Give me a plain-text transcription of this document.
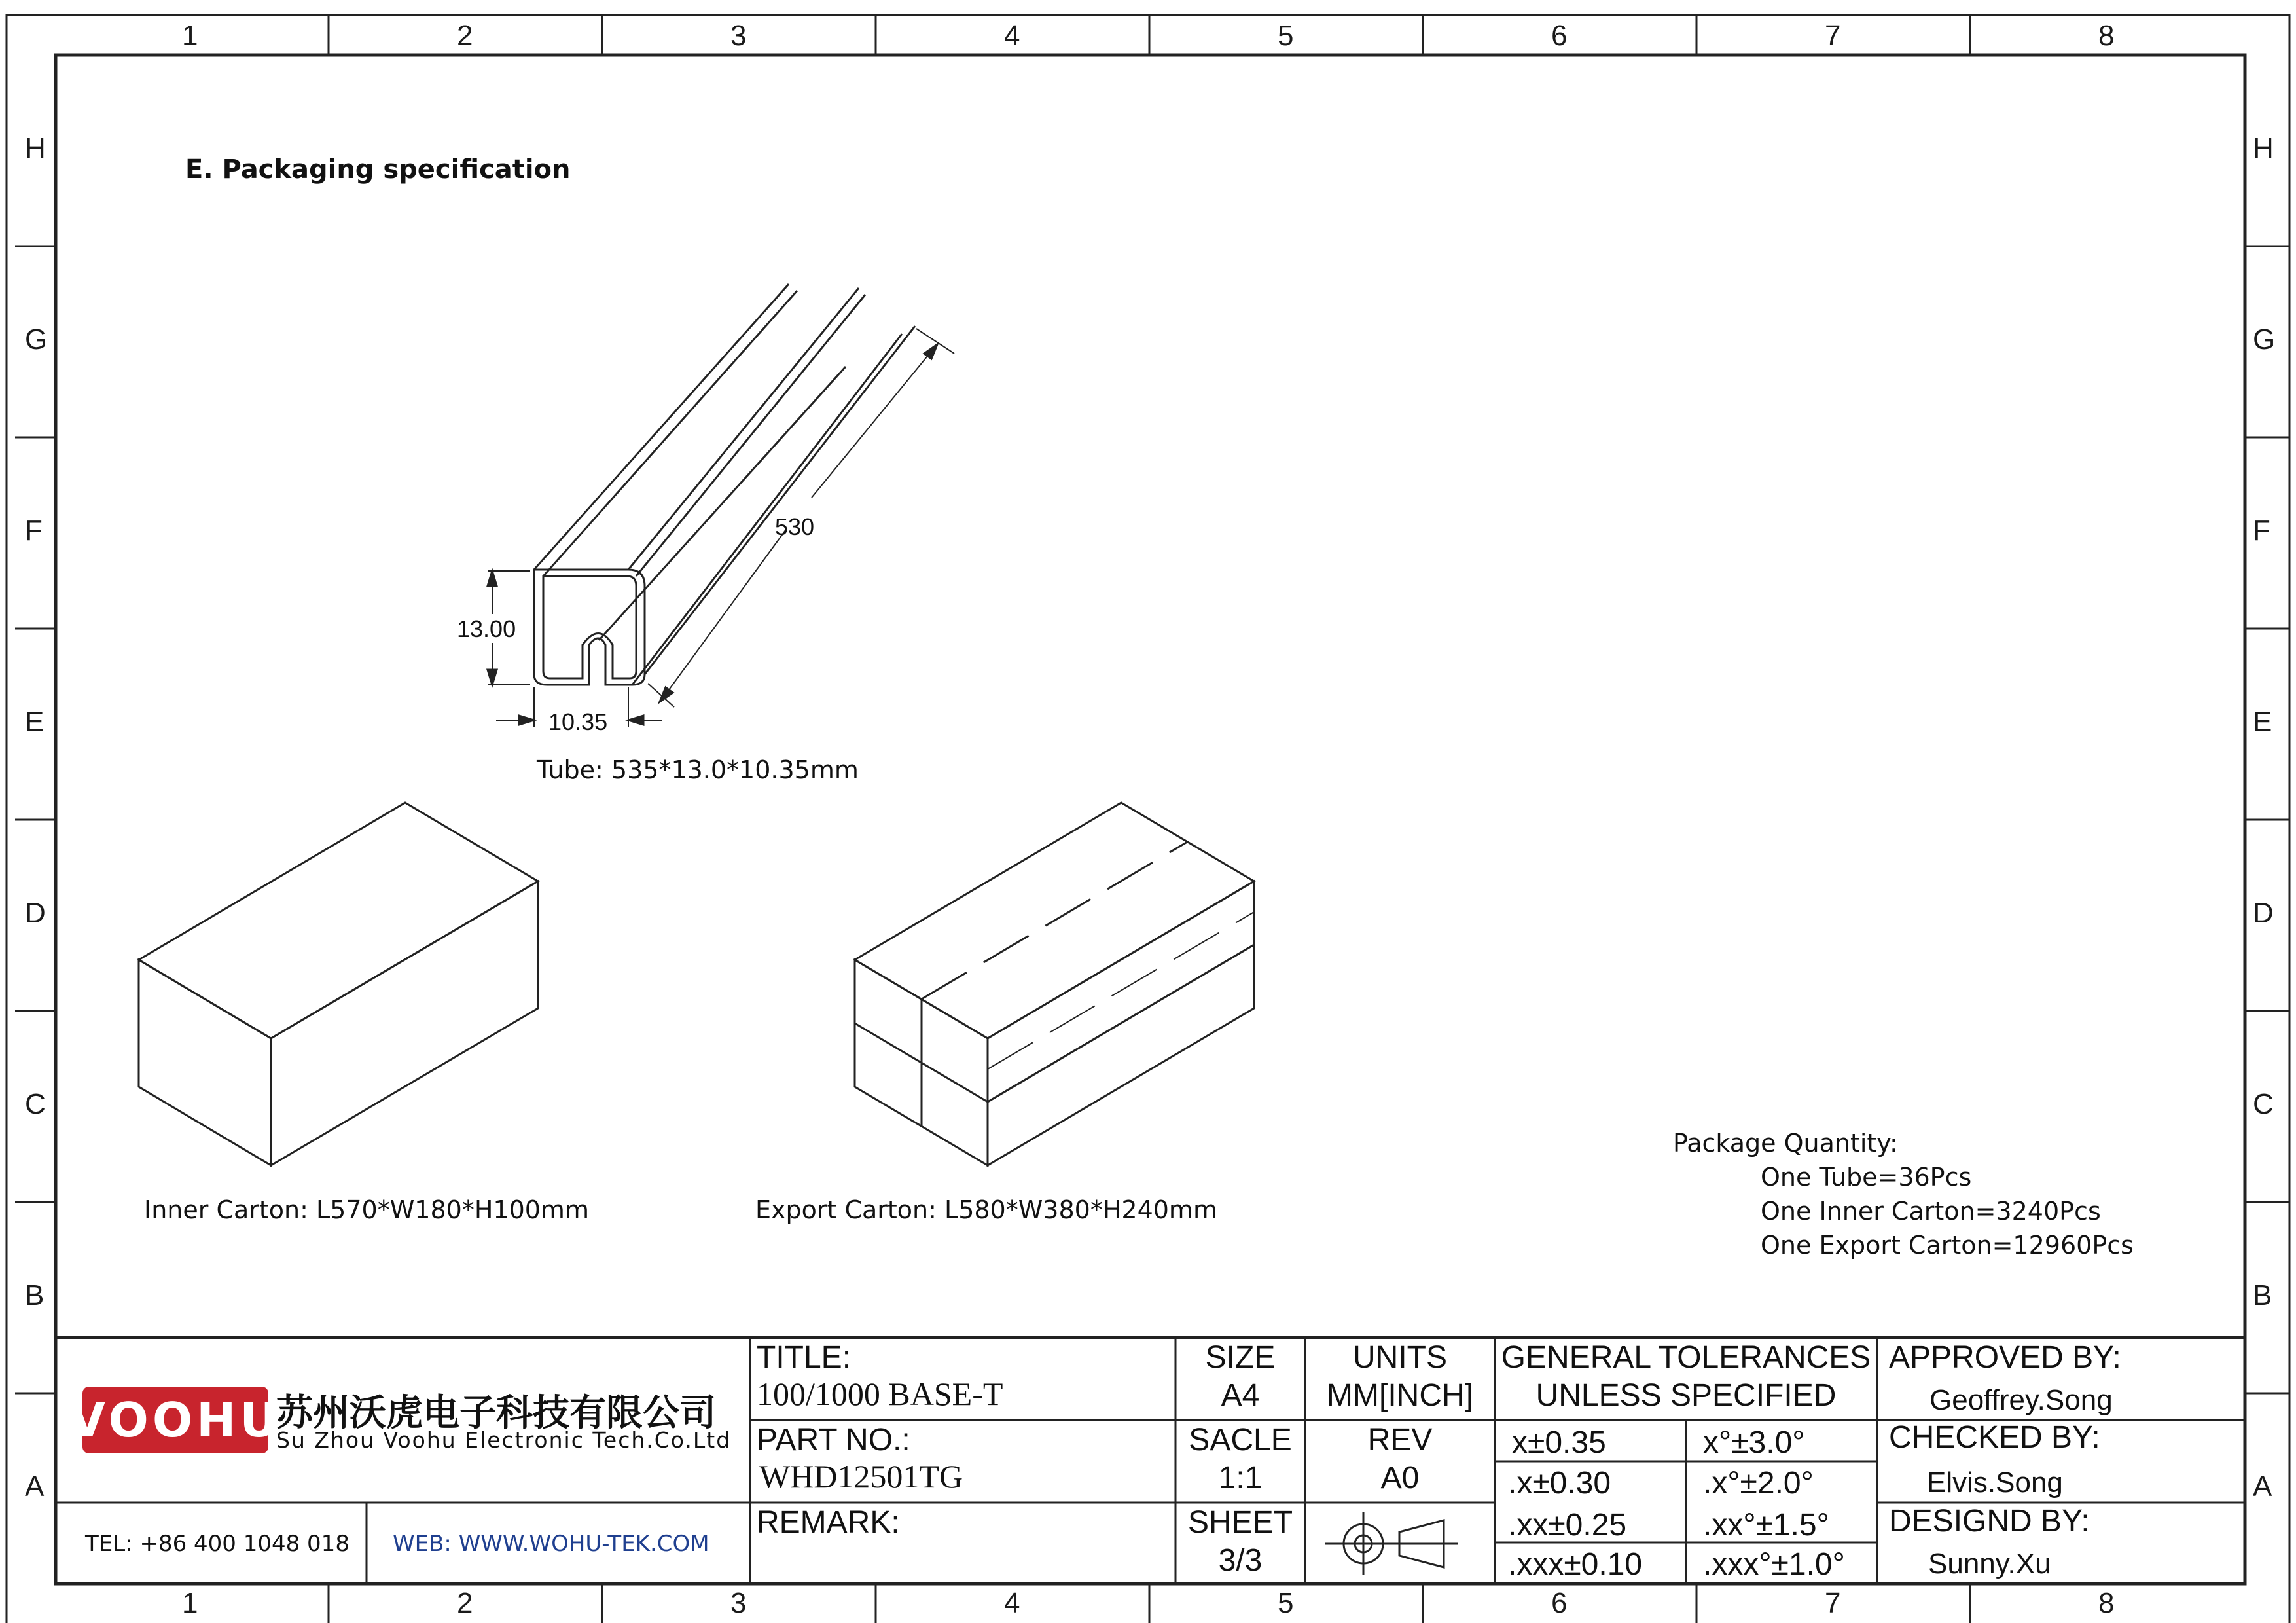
1	2	3	4	5	6	7	8
1	2	3	4	5	6	7	8
H
G
F
E
D
C
B
A
H
G
F
E
D
C
B
A
E. Packaging specification
13.00
10.35
530
Tube: 535*13.0*10.35mm
Inner Carton: L570*W180*H100mm	Export Carton: L580*W380*H240mm
Package Quantity:
One Tube=36Pcs
One Inner Carton=3240Pcs
One Export Carton=12960Pcs
VOOHU
苏州沃虎电子科技有限公司
Su Zhou Voohu Electronic Tech.Co.Ltd
TEL: +86 400 1048 018 WEB: WWW.WOHU-TEK.COM
TITLE:
100/1000 BASE-T
PART NO.:
WHD12501TG
REMARK:
SIZE
A4
SACLE
1:1
SHEET
3/3
UNITS
MM[INCH]
REV
A0
GENERAL TOLERANCES
UNLESS SPECIFIED
x±0.35	x°±3.0°
.x±0.30	.x°±2.0°
.xx±0.25 .xx°±1.5°
.xxx±0.10 .xxx°±1.0°
APPROVED BY:
Geoffrey.Song
CHECKED BY:
Elvis.Song
DESIGND BY:
Sunny.Xu
